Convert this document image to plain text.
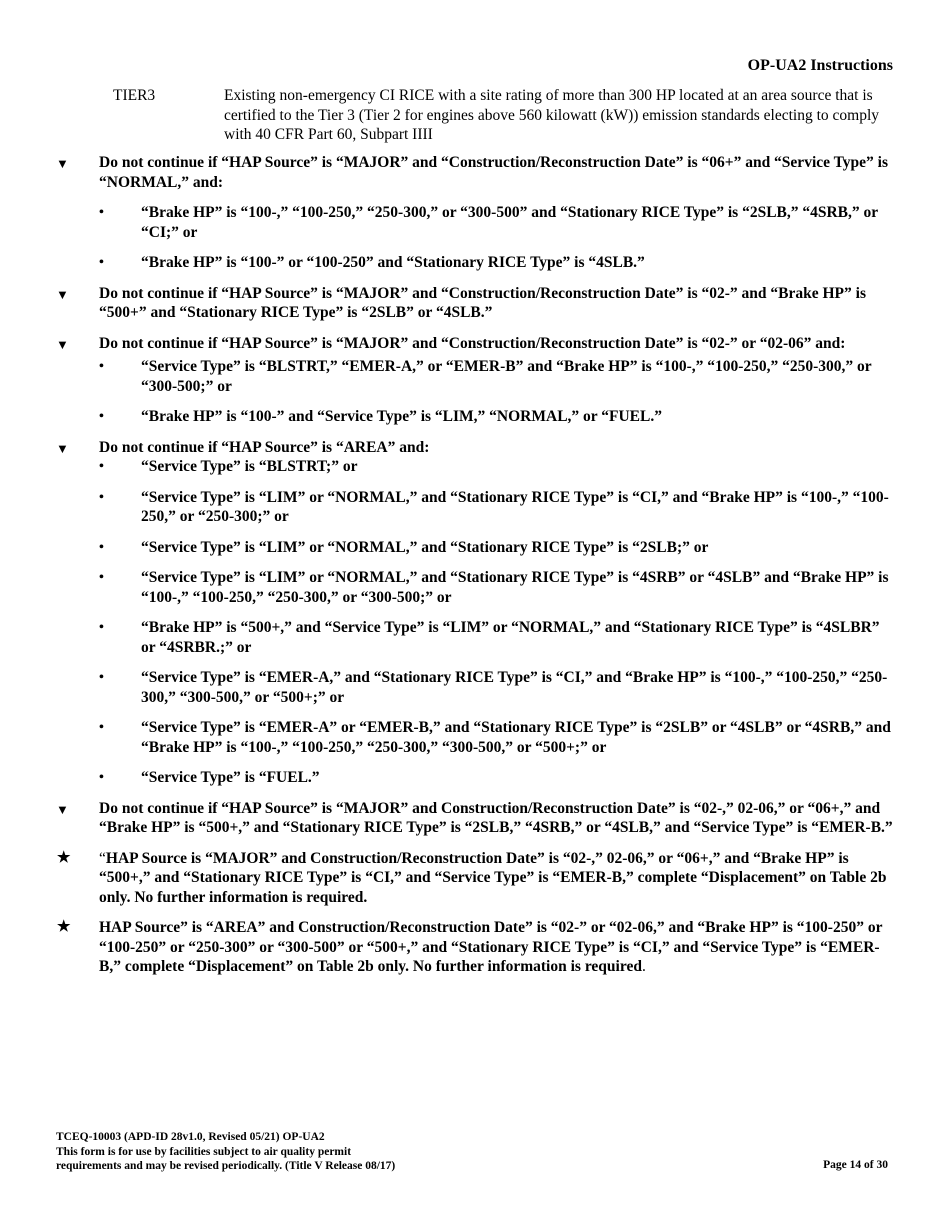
OP-UA2 Instructions
TIER3	Existing non-emergency CI RICE with a site rating of more than 300 HP located at an area source that is certified to the Tier 3 (Tier 2 for engines above 560 kilowatt (kW)) emission standards electing to comply with 40 CFR Part 60, Subpart IIII
▼ Do not continue if “HAP Source” is “MAJOR” and “Construction/Reconstruction Date” is “06+” and “Service Type” is “NORMAL,” and:
• “Brake HP” is “100-,” “100-250,” “250-300,” or “300-500” and “Stationary RICE Type” is “2SLB,” “4SRB,” or “CI;” or
• “Brake HP” is “100-” or “100-250” and “Stationary RICE Type” is “4SLB.”
▼ Do not continue if “HAP Source” is “MAJOR” and “Construction/Reconstruction Date” is “02-” and “Brake HP” is “500+” and “Stationary RICE Type” is “2SLB” or “4SLB.”
▼ Do not continue if “HAP Source” is “MAJOR” and “Construction/Reconstruction Date” is “02-” or “02-06” and:
• “Service Type” is “BLSTRT,” “EMER-A,” or “EMER-B” and “Brake HP” is “100-,” “100-250,” “250-300,” or “300-500;” or
• “Brake HP” is “100-” and “Service Type” is “LIM,” “NORMAL,” or “FUEL.”
▼ Do not continue if “HAP Source” is “AREA” and:
• “Service Type” is “BLSTRT;” or
• “Service Type” is “LIM” or “NORMAL,” and “Stationary RICE Type” is “CI,” and “Brake HP” is “100-,” “100-250,” or “250-300;” or
• “Service Type” is “LIM” or “NORMAL,” and “Stationary RICE Type” is “2SLB;” or
• “Service Type” is “LIM” or “NORMAL,” and “Stationary RICE Type” is “4SRB” or “4SLB” and “Brake HP” is “100-,” “100-250,” “250-300,” or “300-500;” or
• “Brake HP” is “500+,” and “Service Type” is “LIM” or “NORMAL,” and “Stationary RICE Type” is “4SLBR” or “4SRBR.;” or
• “Service Type” is “EMER-A,” and “Stationary RICE Type” is “CI,” and “Brake HP” is “100-,” “100-250,” “250-300,” “300-500,” or “500+;” or
• “Service Type” is “EMER-A” or “EMER-B,” and “Stationary RICE Type” is “2SLB” or “4SLB” or “4SRB,” and “Brake HP” is “100-,” “100-250,” “250-300,” “300-500,” or “500+;” or
• “Service Type” is “FUEL.”
▼ Do not continue if “HAP Source” is “MAJOR” and Construction/Reconstruction Date” is “02-,” 02-06,” or “06+,” and “Brake HP” is “500+,” and “Stationary RICE Type” is “2SLB,” “4SRB,” or “4SLB,” and “Service Type” is “EMER-B.”
★ “HAP Source is “MAJOR” and Construction/Reconstruction Date” is “02-,” 02-06,” or “06+,” and “Brake HP” is “500+,” and “Stationary RICE Type” is “CI,” and “Service Type” is “EMER-B,” complete “Displacement” on Table 2b only. No further information is required.
★ HAP Source” is “AREA” and Construction/Reconstruction Date” is “02-” or “02-06,” and “Brake HP” is “100-250” or “100-250” or “250-300” or “300-500” or “500+,” and “Stationary RICE Type” is “CI,” and “Service Type” is “EMER-B,” complete “Displacement” on Table 2b only. No further information is required.
TCEQ-10003 (APD-ID 28v1.0, Revised 05/21) OP-UA2
This form is for use by facilities subject to air quality permit
requirements and may be revised periodically. (Title V Release 08/17)	Page 14 of 30
